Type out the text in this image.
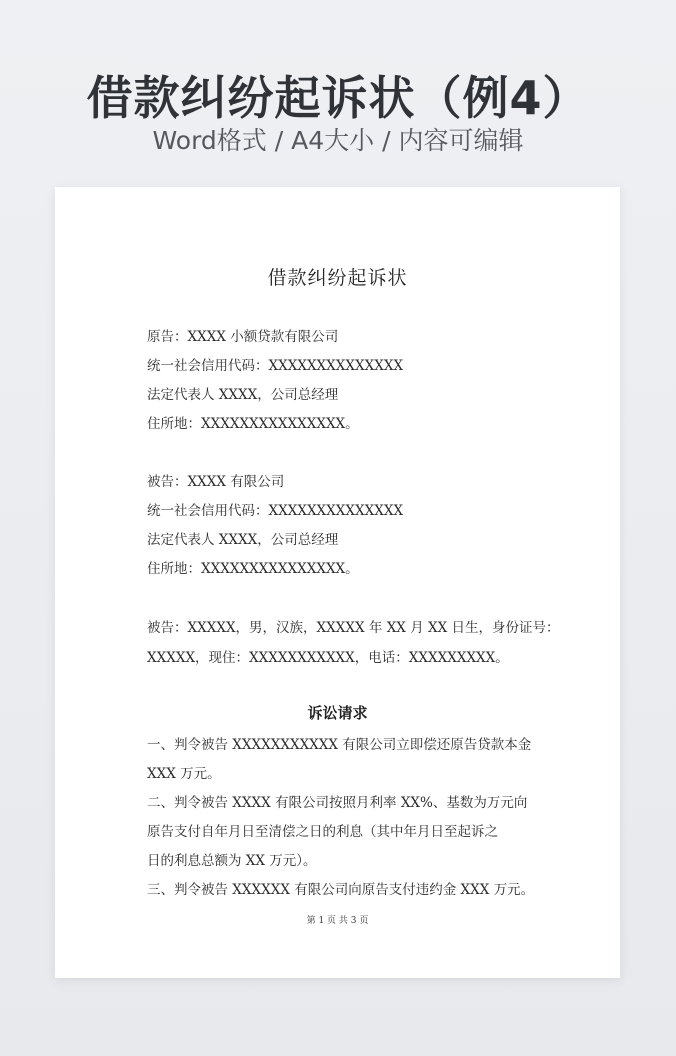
借款纠纷起诉状（例4）
Word格式 / A4大小 / 内容可编辑
借款纠纷起诉状
原告：XXXX 小额贷款有限公司
统一社会信用代码：XXXXXXXXXXXXXX
法定代表人 XXXX，公司总经理
住所地：XXXXXXXXXXXXXXX。
被告：XXXX 有限公司
统一社会信用代码：XXXXXXXXXXXXXX
法定代表人 XXXX，公司总经理
住所地：XXXXXXXXXXXXXXX。
被告：XXXXX，男，汉族，XXXXX 年 XX 月 XX 日生，身份证号：
XXXXX，现住：XXXXXXXXXXX，电话：XXXXXXXXX。
诉讼请求
一、判令被告 XXXXXXXXXXX 有限公司立即偿还原告贷款本金
XXX 万元。
二、判令被告 XXXX 有限公司按照月利率 XX%、基数为万元向
原告支付自年月日至清偿之日的利息（其中年月日至起诉之
日的利息总额为 XX 万元）。
三、判令被告 XXXXXX 有限公司向原告支付违约金 XXX 万元。
第 1 页 共 3 页
